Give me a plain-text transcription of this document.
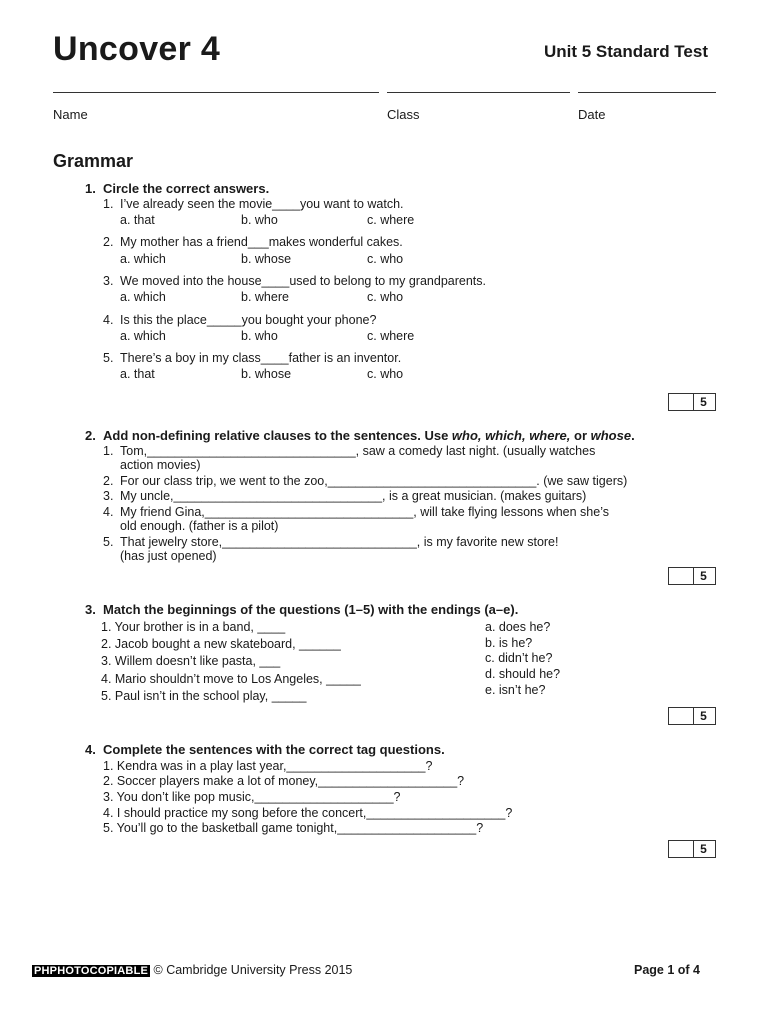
Uncover 4	Unit 5 Standard Test
Name	Class	Date
Grammar
1. Circle the correct answers.
1. I’ve already seen the movie____you want to watch.
a. that	b. who	c. where
2. My mother has a friend___makes wonderful cakes.
a. which	b. whose	c. who
3. We moved into the house____used to belong to my grandparents.
a. which	b. where	c. who
4. Is this the place_____you bought your phone?
a. which	b. who	c. where
5. There’s a boy in my class____father is an inventor.
a. that	b. whose	c. who
5
2. Add non-defining relative clauses to the sentences. Use who, which, where, or whose.
1. Tom,______________________________, saw a comedy last night. (usually watches
action movies)
2. For our class trip, we went to the zoo,______________________________. (we saw tigers)
3. My uncle,______________________________, is a great musician. (makes guitars)
4. My friend Gina,______________________________, will take flying lessons when she’s
old enough. (father is a pilot)
5. That jewelry store,____________________________, is my favorite new store!
(has just opened)
5
3. Match the beginnings of the questions (1–5) with the endings (a–e).
1. Your brother is in a band, ____
2. Jacob bought a new skateboard, ______
3. Willem doesn’t like pasta, ___
4. Mario shouldn’t move to Los Angeles, _____
5. Paul isn’t in the school play, _____
a. does he?
b. is he?
c. didn’t he?
d. should he?
e. isn’t he?
5
4. Complete the sentences with the correct tag questions.
1. Kendra was in a play last year,____________________?
2. Soccer players make a lot of money,____________________?
3. You don’t like pop music,____________________?
4. I should practice my song before the concert,____________________?
5. You’ll go to the basketball game tonight,____________________?
5
PHPHOTOCOPIABLE © Cambridge University Press 2015	Page 1 of 4
